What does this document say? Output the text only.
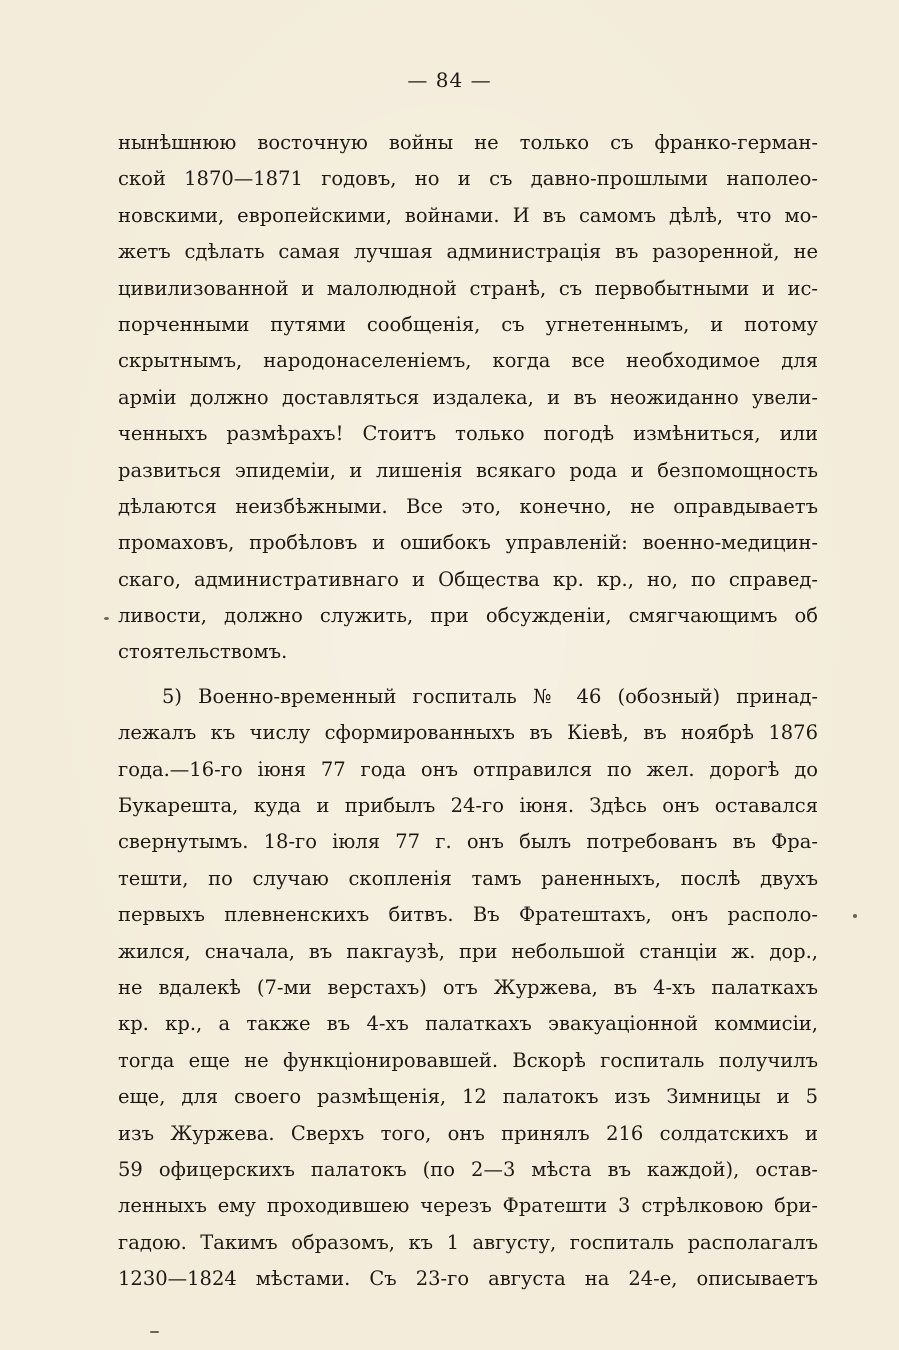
— 84 —
нынѣшнюю восточную войны не только съ франко-герман-
ской 1870—1871 годовъ, но и съ давно-прошлыми наполео-
новскими, европейскими, войнами. И въ самомъ дѣлѣ, что мо-
жетъ сдѣлать самая лучшая администрація въ разоренной, не
цивилизованной и малолюдной странѣ, съ первобытными и ис-
порченными путями сообщенія, съ угнетеннымъ, и потому
скрытнымъ, народонаселеніемъ, когда все необходимое для
арміи должно доставляться издалека, и въ неожиданно увели-
ченныхъ размѣрахъ! Стоитъ только погодѣ измѣниться, или
развиться эпидеміи, и лишенія всякаго рода и безпомощность
дѣлаются неизбѣжными. Все это, конечно, не оправдываетъ
промаховъ, пробѣловъ и ошибокъ управленій: военно-медицин-
скаго, административнаго и Общества кр. кр., но, по справед-
ливости, должно служить, при обсужденіи, смягчающимъ об
стоятельствомъ.
5) Военно-временный госпиталь № 46 (обозный) принад-
лежалъ къ числу сформированныхъ въ Кіевѣ, въ ноябрѣ 1876
года.—16-го іюня 77 года онъ отправился по жел. дорогѣ до
Букарешта, куда и прибылъ 24-го іюня. Здѣсь онъ оставался
свернутымъ. 18-го іюля 77 г. онъ былъ потребованъ въ Фра-
тешти, по случаю скопленія тамъ раненныхъ, послѣ двухъ
первыхъ плевненскихъ битвъ. Въ Фратештахъ, онъ располо-
жился, сначала, въ пакгаузѣ, при небольшой станціи ж. дор.,
не вдалекѣ (7-ми верстахъ) отъ Журжева, въ 4-хъ палаткахъ
кр. кр., а также въ 4-хъ палаткахъ эвакуаціонной коммисіи,
тогда еще не функціонировавшей. Вскорѣ госпиталь получилъ
еще, для своего размѣщенія, 12 палатокъ изъ Зимницы и 5
изъ Журжева. Сверхъ того, онъ принялъ 216 солдатскихъ и
59 офицерскихъ палатокъ (по 2—3 мѣста въ каждой), остав-
ленныхъ ему проходившею черезъ Фратешти 3 стрѣлковою бри-
гадою. Такимъ образомъ, къ 1 августу, госпиталь располагалъ
1230—1824 мѣстами. Съ 23-го августа на 24-е, описываетъ
